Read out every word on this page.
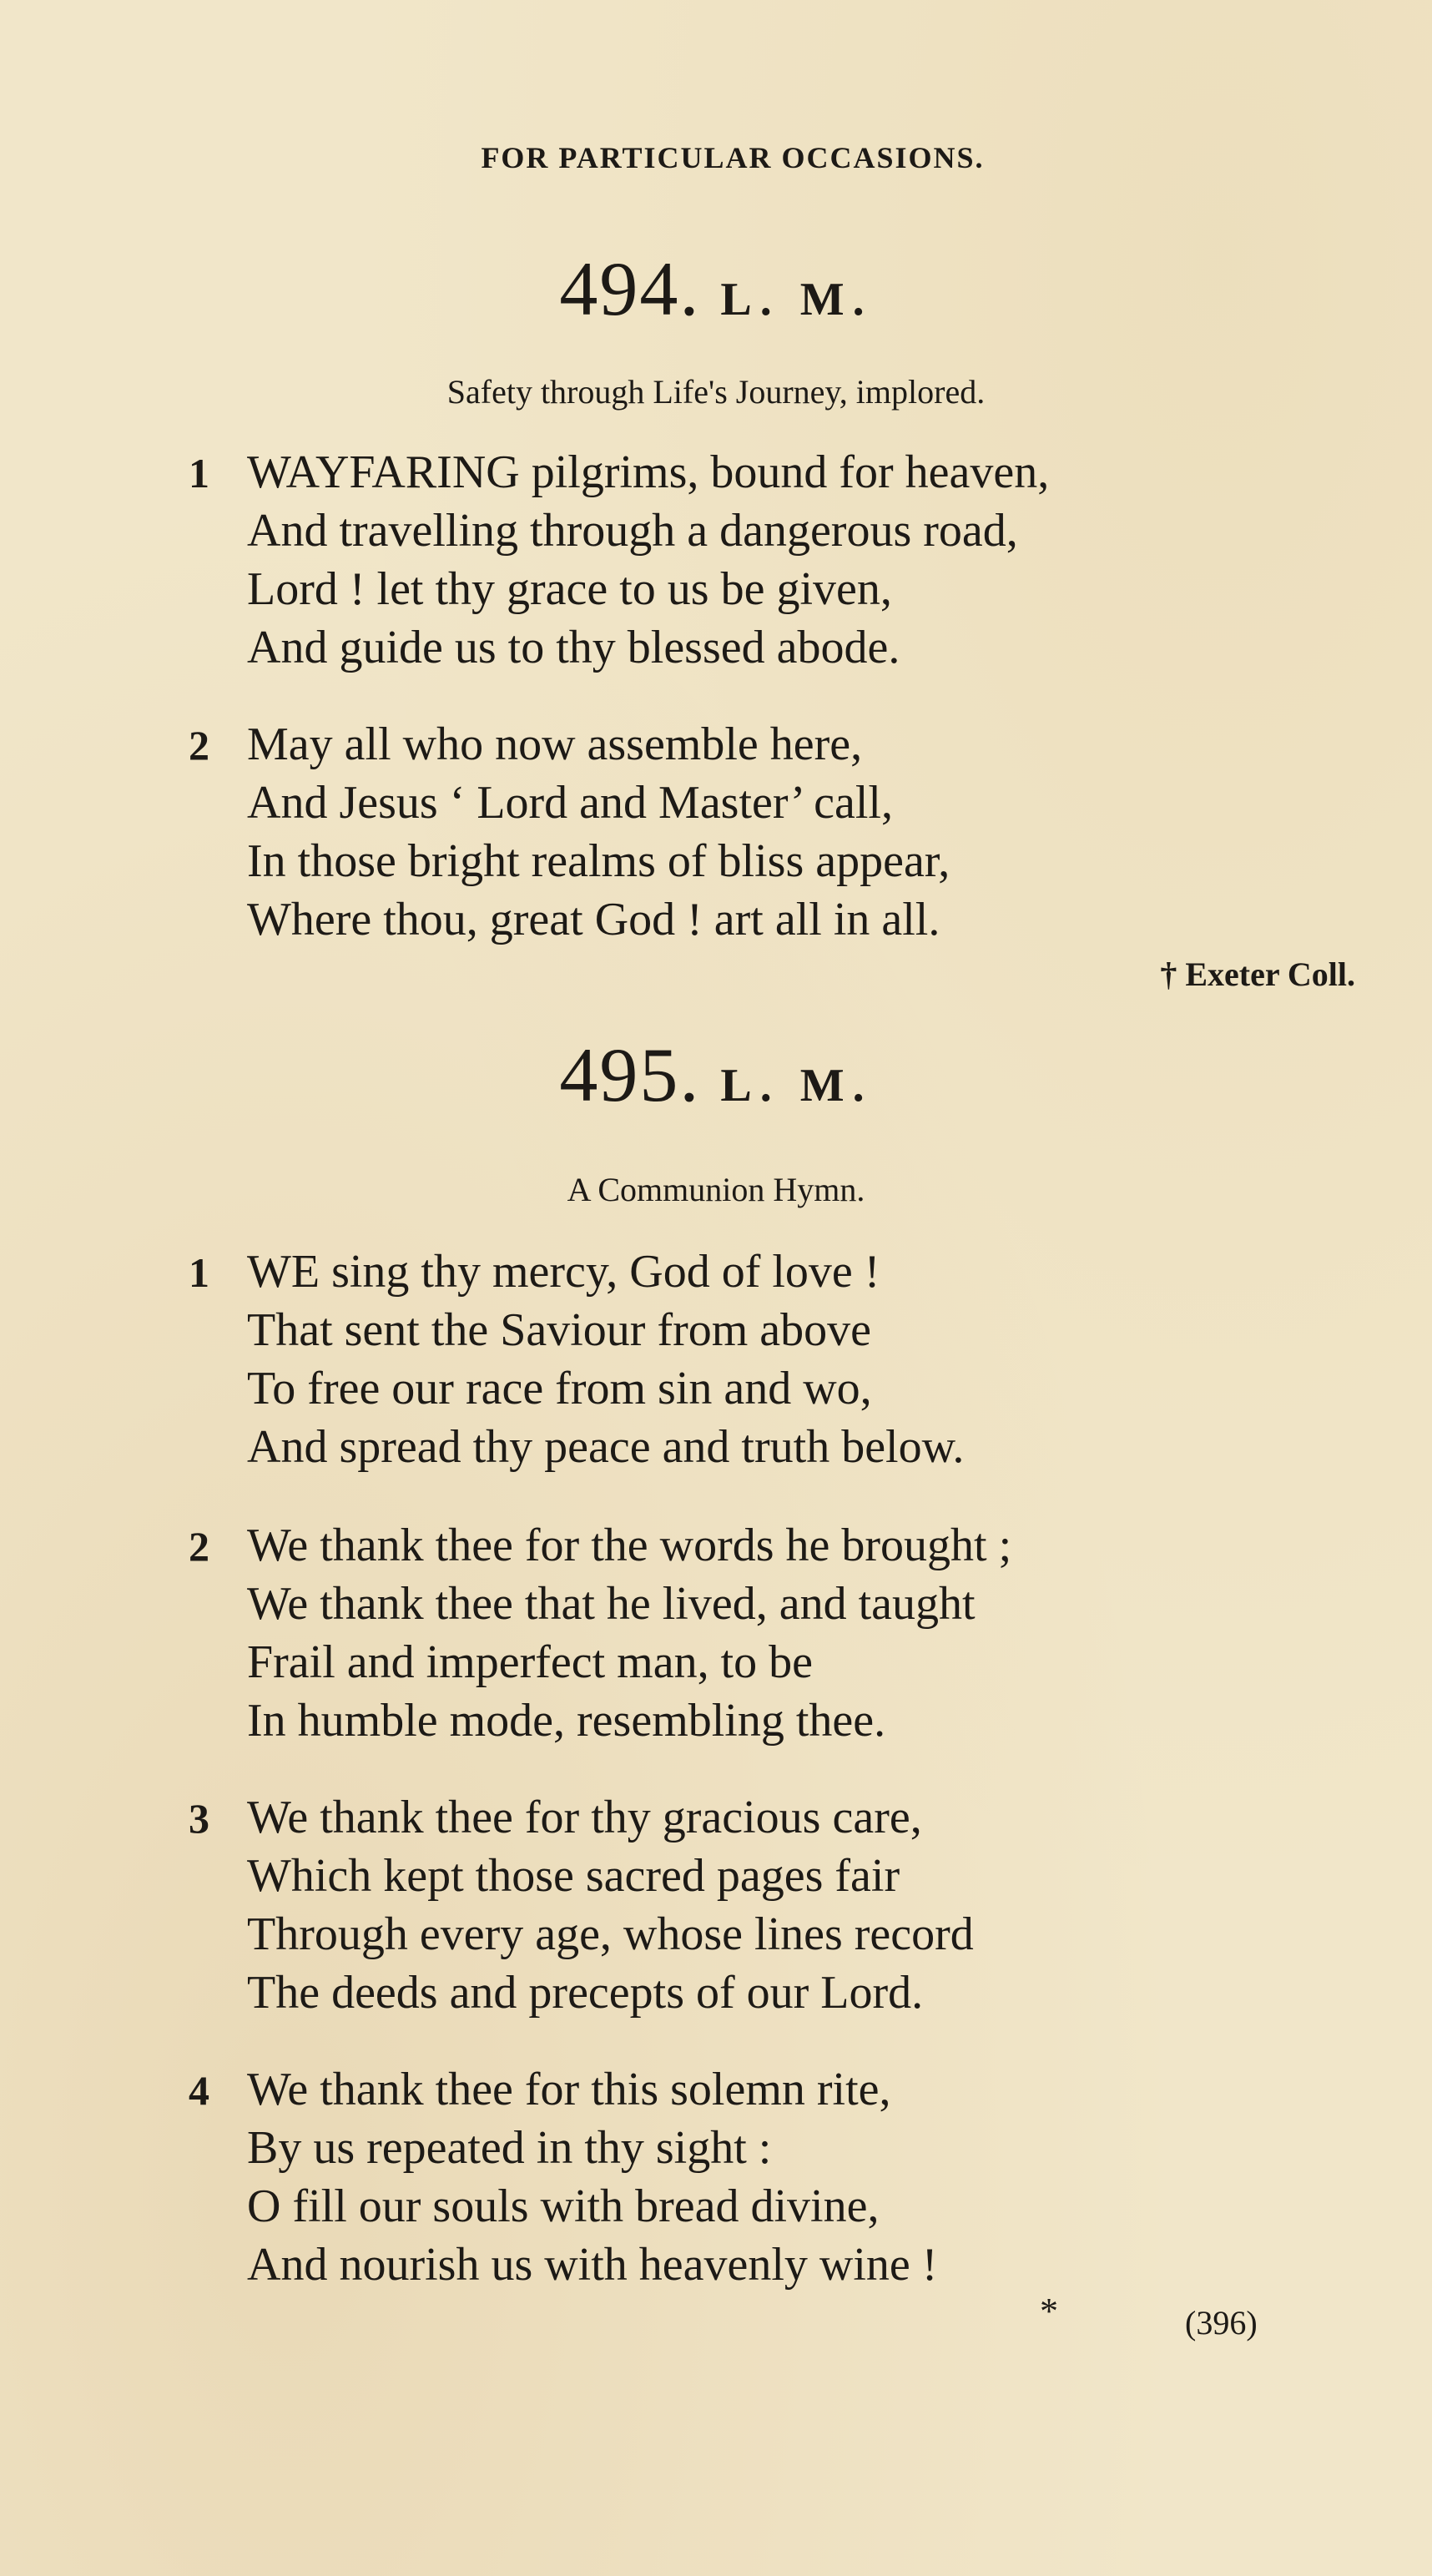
FOR PARTICULAR OCCASIONS.
494. L. M.
Safety through Life's Journey, implored.
1 WAYFARING pilgrims, bound for heaven,
And travelling through a dangerous road,
Lord ! let thy grace to us be given,
And guide us to thy blessed abode.
2 May all who now assemble here,
And Jesus ‘ Lord and Master’ call,
In those bright realms of bliss appear,
Where thou, great God ! art all in all.
† Exeter Coll.
495. L. M.
A Communion Hymn.
1 WE sing thy mercy, God of love !
That sent the Saviour from above
To free our race from sin and wo,
And spread thy peace and truth below.
2 We thank thee for the words he brought ;
We thank thee that he lived, and taught
Frail and imperfect man, to be
In humble mode, resembling thee.
3 We thank thee for thy gracious care,
Which kept those sacred pages fair
Through every age, whose lines record
The deeds and precepts of our Lord.
4 We thank thee for this solemn rite,
By us repeated in thy sight :
O fill our souls with bread divine,
And nourish us with heavenly wine !
*	(396)
